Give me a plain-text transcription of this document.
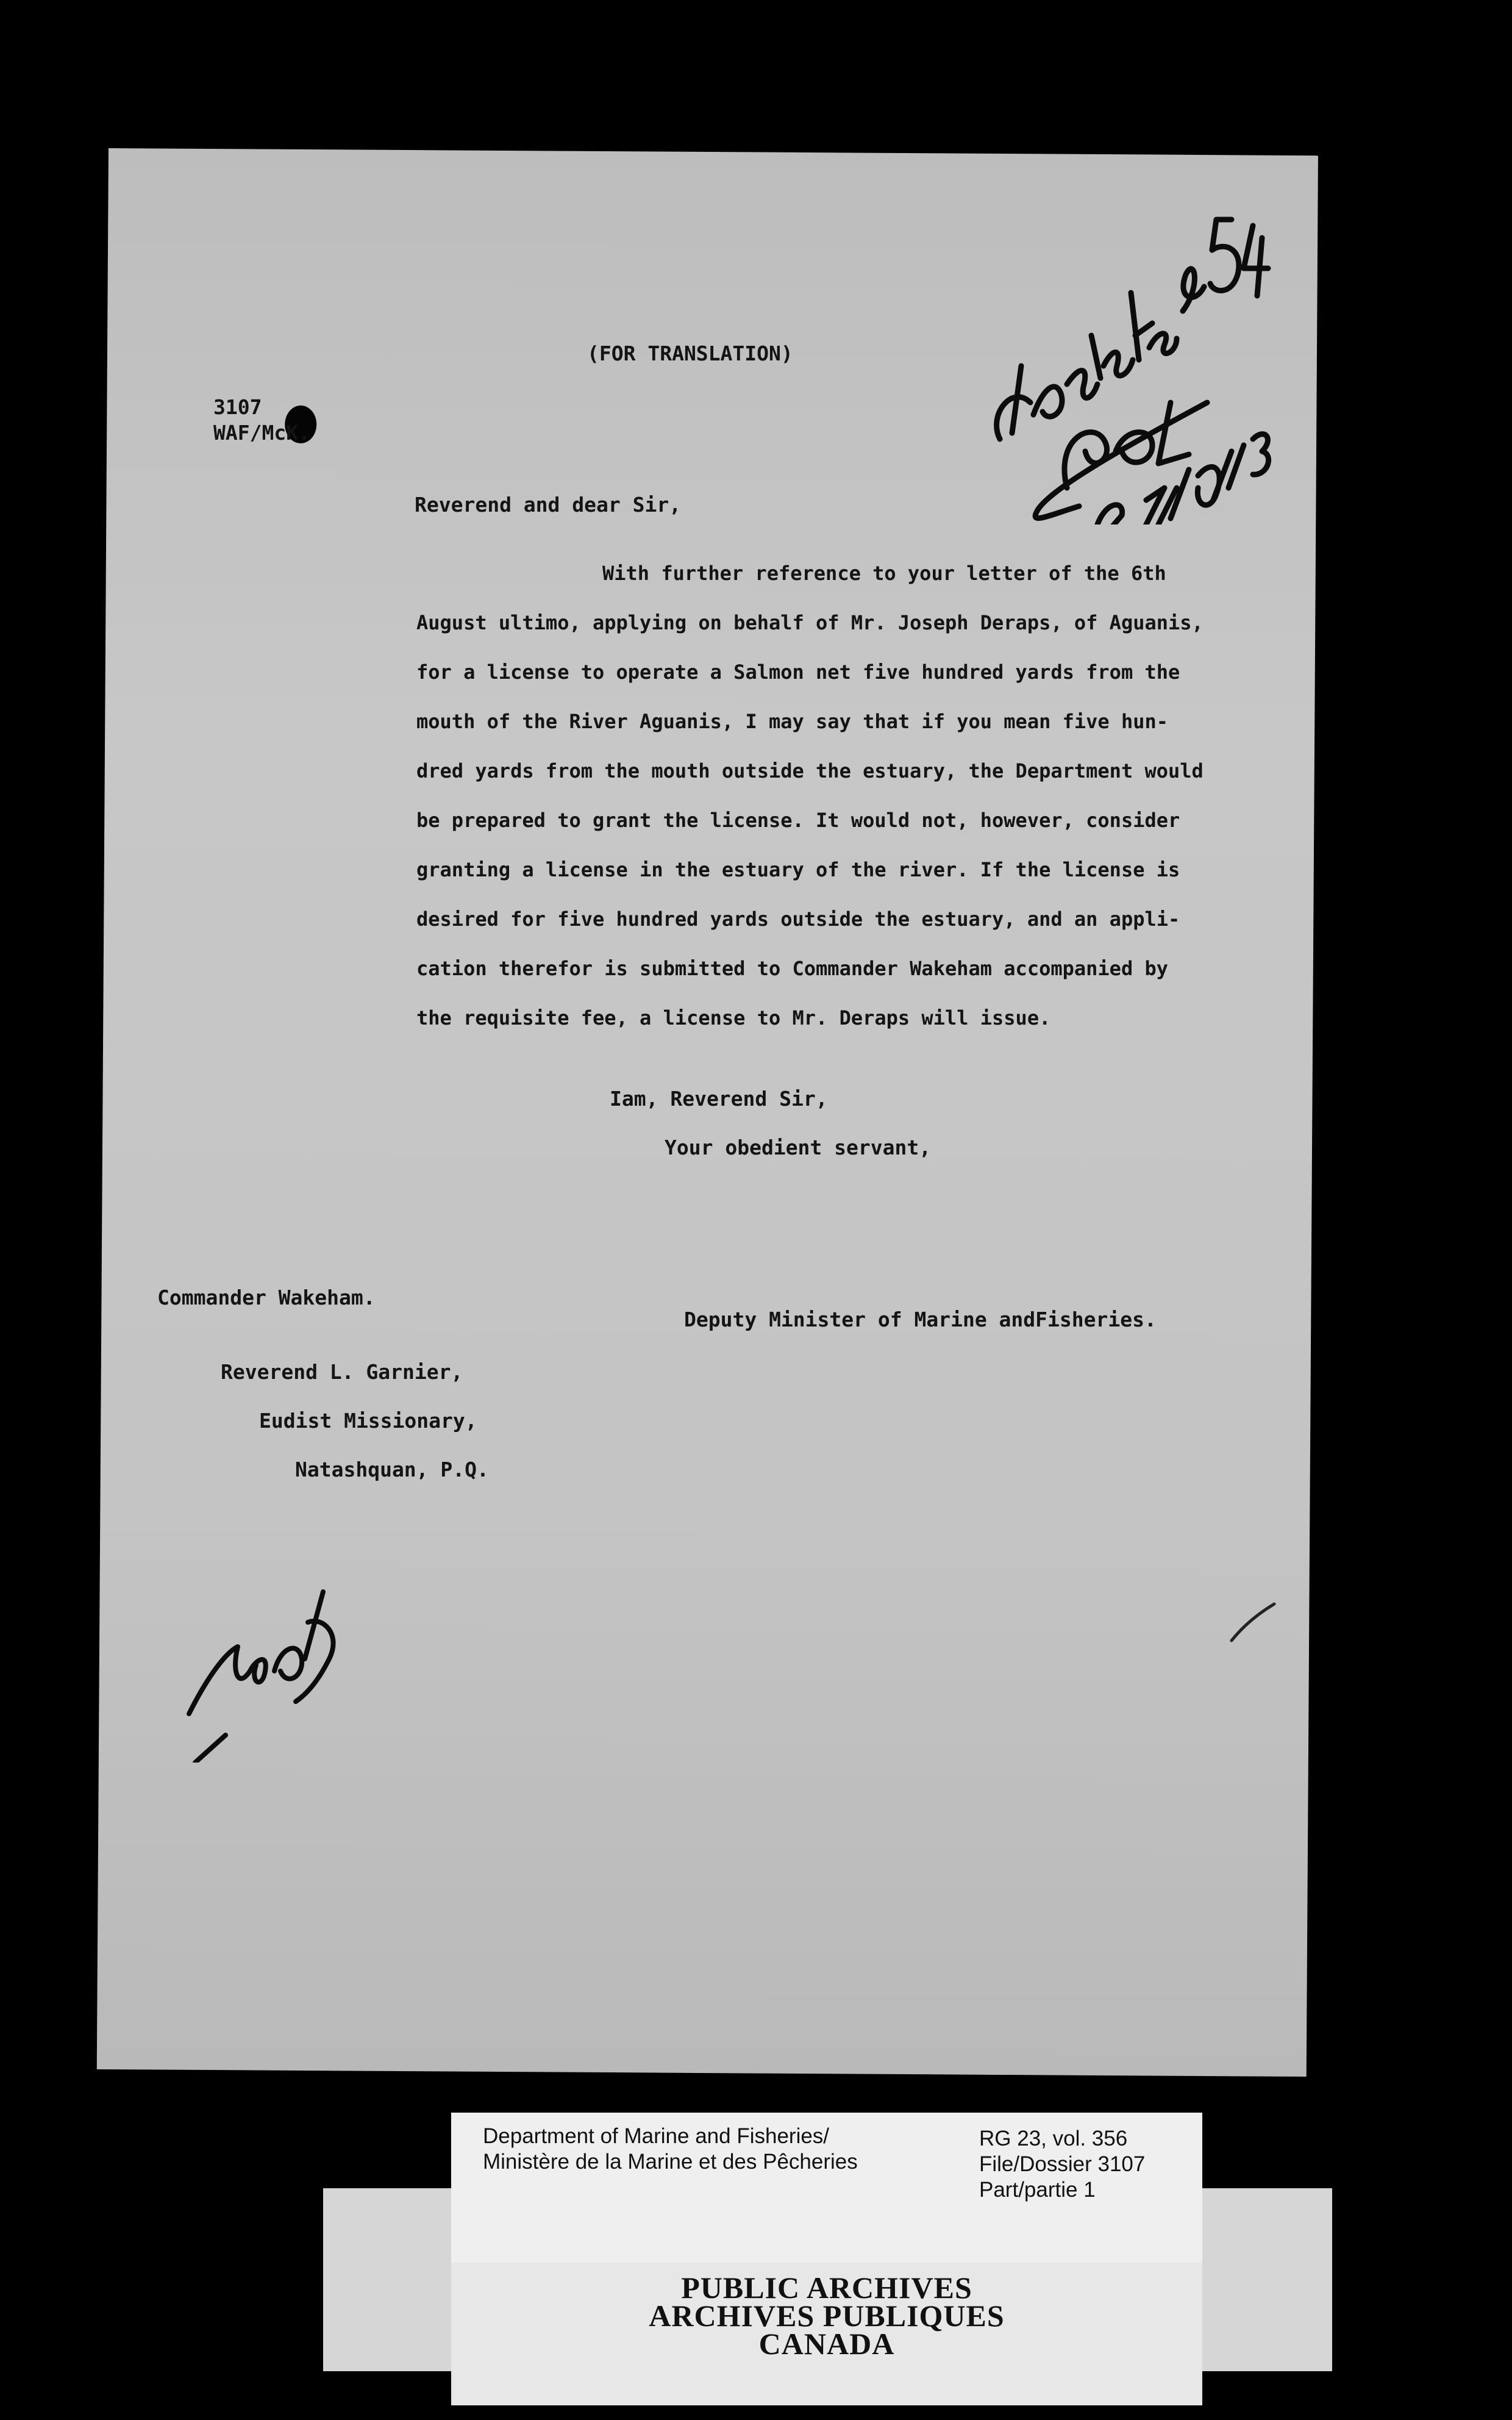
(FOR TRANSLATION)
3107
WAF/McK.
Reverend and dear Sir,
With further reference to your letter of the 6th
August ultimo, applying on behalf of Mr. Joseph Deraps, of Aguanis,
for a license to operate a Salmon net five hundred yards from the
mouth of the River Aguanis, I may say that if you mean five hun-
dred yards from the mouth outside the estuary, the Department would
be prepared to grant the license. It would not, however, consider
granting a license in the estuary of the river. If the license is
desired for five hundred yards outside the estuary, and an appli-
cation therefor is submitted to Commander Wakeham accompanied by
the requisite fee, a license to Mr. Deraps will issue.
Iam, Reverend Sir,
Your obedient servant,
Commander Wakeham.
Deputy Minister of Marine andFisheries.
Reverend L. Garnier,
Eudist Missionary,
Natashquan, P.Q.
Department of Marine and Fisheries/
Ministère de la Marine et des Pêcheries
RG 23, vol. 356
File/Dossier 3107
Part/partie 1
PUBLIC ARCHIVES
ARCHIVES PUBLIQUES
CANADA
